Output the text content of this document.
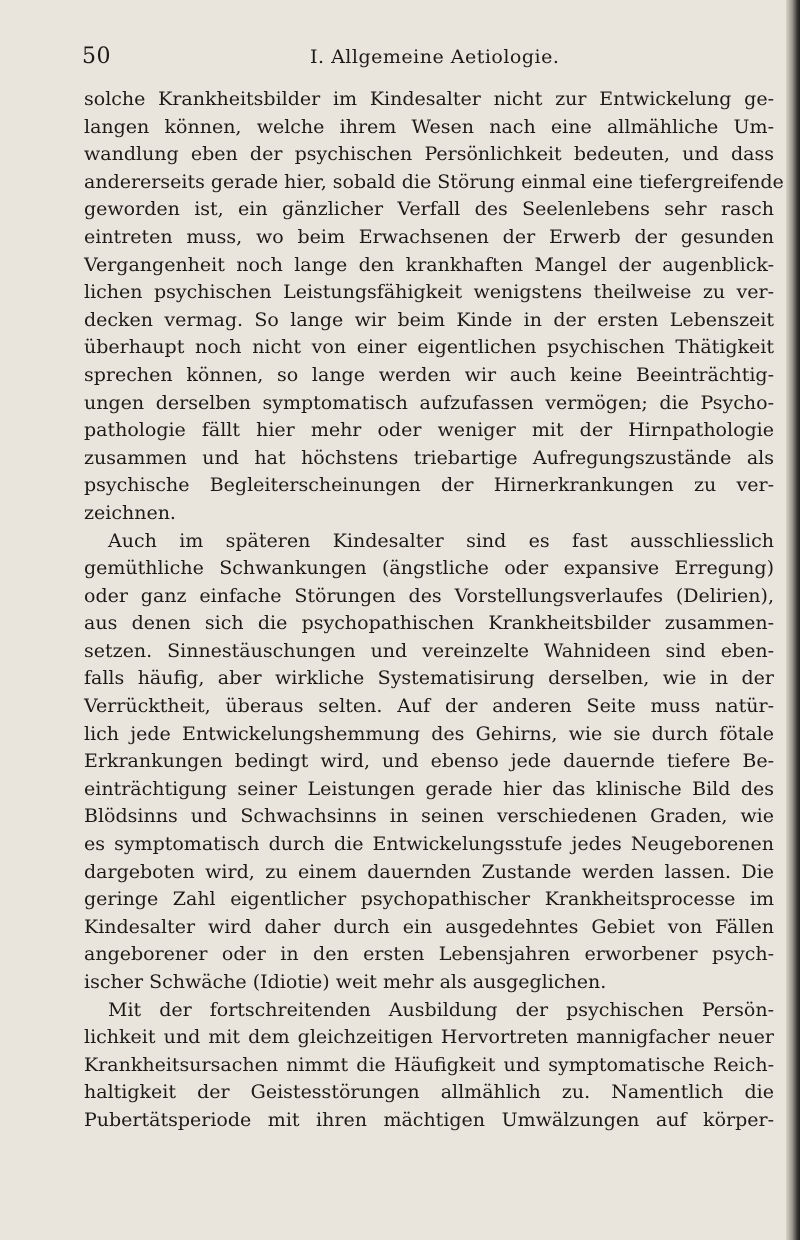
50	I. Allgemeine Aetiologie.
solche Krankheitsbilder im Kindesalter nicht zur Entwickelung ge-
langen können, welche ihrem Wesen nach eine allmähliche Um-
wandlung eben der psychischen Persönlichkeit bedeuten, und dass
andererseits gerade hier, sobald die Störung einmal eine tiefergreifende
geworden ist, ein gänzlicher Verfall des Seelenlebens sehr rasch
eintreten muss, wo beim Erwachsenen der Erwerb der gesunden
Vergangenheit noch lange den krankhaften Mangel der augenblick-
lichen psychischen Leistungsfähigkeit wenigstens theilweise zu ver-
decken vermag. So lange wir beim Kinde in der ersten Lebenszeit
überhaupt noch nicht von einer eigentlichen psychischen Thätigkeit
sprechen können, so lange werden wir auch keine Beeinträchtig-
ungen derselben symptomatisch aufzufassen vermögen; die Psycho-
pathologie fällt hier mehr oder weniger mit der Hirnpathologie
zusammen und hat höchstens triebartige Aufregungszustände als
psychische Begleiterscheinungen der Hirnerkrankungen zu ver-
zeichnen.
Auch im späteren Kindesalter sind es fast ausschliesslich
gemüthliche Schwankungen (ängstliche oder expansive Erregung)
oder ganz einfache Störungen des Vorstellungsverlaufes (Delirien),
aus denen sich die psychopathischen Krankheitsbilder zusammen-
setzen. Sinnestäuschungen und vereinzelte Wahnideen sind eben-
falls häufig, aber wirkliche Systematisirung derselben, wie in der
Verrücktheit, überaus selten. Auf der anderen Seite muss natür-
lich jede Entwickelungshemmung des Gehirns, wie sie durch fötale
Erkrankungen bedingt wird, und ebenso jede dauernde tiefere Be-
einträchtigung seiner Leistungen gerade hier das klinische Bild des
Blödsinns und Schwachsinns in seinen verschiedenen Graden, wie
es symptomatisch durch die Entwickelungsstufe jedes Neugeborenen
dargeboten wird, zu einem dauernden Zustande werden lassen. Die
geringe Zahl eigentlicher psychopathischer Krankheitsprocesse im
Kindesalter wird daher durch ein ausgedehntes Gebiet von Fällen
angeborener oder in den ersten Lebensjahren erworbener psych-
ischer Schwäche (Idiotie) weit mehr als ausgeglichen.
Mit der fortschreitenden Ausbildung der psychischen Persön-
lichkeit und mit dem gleichzeitigen Hervortreten mannigfacher neuer
Krankheitsursachen nimmt die Häufigkeit und symptomatische Reich-
haltigkeit der Geistesstörungen allmählich zu. Namentlich die
Pubertätsperiode mit ihren mächtigen Umwälzungen auf körper-
